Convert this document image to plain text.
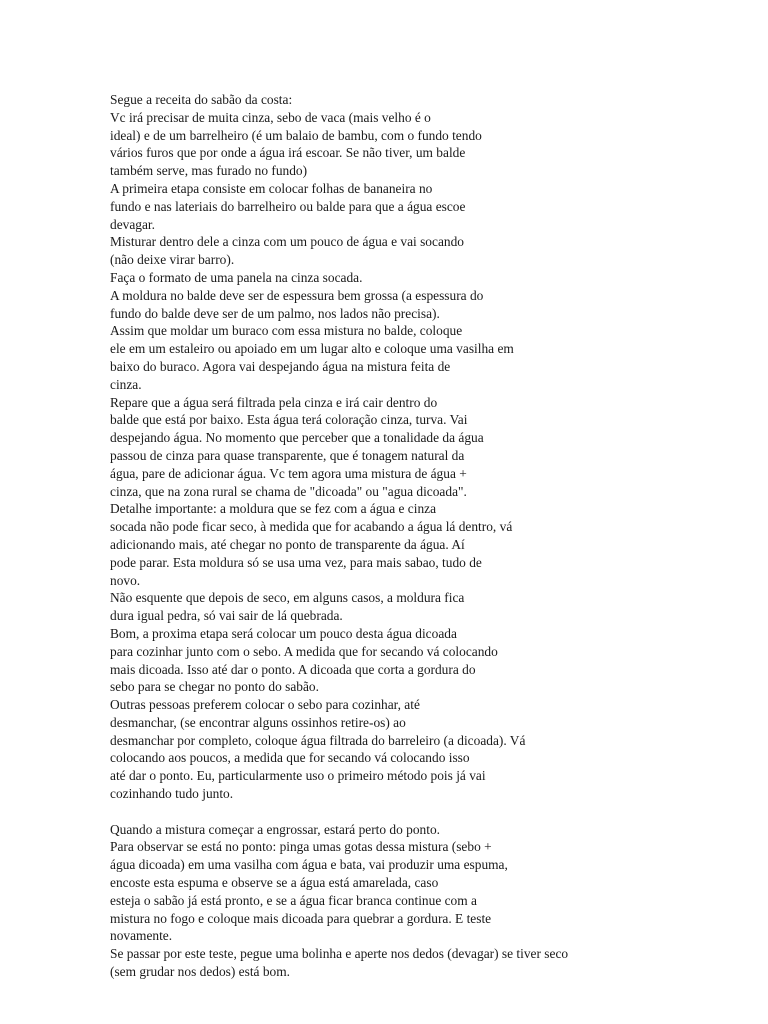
Segue a receita do sabão da costa:
Vc irá precisar de muita cinza, sebo de vaca (mais velho é o
ideal) e de um barrelheiro (é um balaio de bambu, com o fundo tendo
vários furos que por onde a água irá escoar. Se não tiver, um balde
também serve, mas furado no fundo)
A primeira etapa consiste em colocar folhas de bananeira no
fundo e nas lateriais do barrelheiro ou balde para que a água escoe
devagar.
Misturar dentro dele a cinza com um pouco de água e vai socando
(não deixe virar barro).
Faça o formato de uma panela na cinza socada.
A moldura no balde deve ser de espessura bem grossa (a espessura do
fundo do balde deve ser de um palmo, nos lados não precisa).
Assim que moldar um buraco com essa mistura no balde, coloque
ele em um estaleiro ou apoiado em um lugar alto e coloque uma vasilha em
baixo do buraco. Agora vai despejando água na mistura feita de
cinza.
Repare que a água será filtrada pela cinza e irá cair dentro do
balde que está por baixo. Esta água terá coloração cinza, turva. Vai
despejando água. No momento que perceber que a tonalidade da água
passou de cinza para quase transparente, que é tonagem natural da
água, pare de adicionar água. Vc tem agora uma mistura de água +
cinza, que na zona rural se chama de "dicoada" ou "agua dicoada".
Detalhe importante: a moldura que se fez com a água e cinza
socada não pode ficar seco, à medida que for acabando a água lá dentro, vá
adicionando mais, até chegar no ponto de transparente da água. Aí
pode parar. Esta moldura só se usa uma vez, para mais sabao, tudo de
novo.
Não esquente que depois de seco, em alguns casos, a moldura fica
dura igual pedra, só vai sair de lá quebrada.
Bom, a proxima etapa será colocar um pouco desta água dicoada
para cozinhar junto com o sebo. A medida que for secando vá colocando
mais dicoada. Isso até dar o ponto. A dicoada que corta a gordura do
sebo para se chegar no ponto do sabão.
Outras pessoas preferem colocar o sebo para cozinhar, até
desmanchar, (se encontrar alguns ossinhos retire-os) ao
desmanchar por completo, coloque água filtrada do barreleiro (a dicoada). Vá
colocando aos poucos, a medida que for secando vá colocando isso
até dar o ponto. Eu, particularmente uso o primeiro método pois já vai
cozinhando tudo junto.
Quando a mistura começar a engrossar, estará perto do ponto.
Para observar se está no ponto: pinga umas gotas dessa mistura (sebo +
água dicoada) em uma vasilha com água e bata, vai produzir uma espuma,
encoste esta espuma e observe se a água está amarelada, caso
esteja o sabão já está pronto, e se a água ficar branca continue com a
mistura no fogo e coloque mais dicoada para quebrar a gordura. E teste
novamente.
Se passar por este teste, pegue uma bolinha e aperte nos dedos (devagar) se tiver seco
(sem grudar nos dedos) está bom.
